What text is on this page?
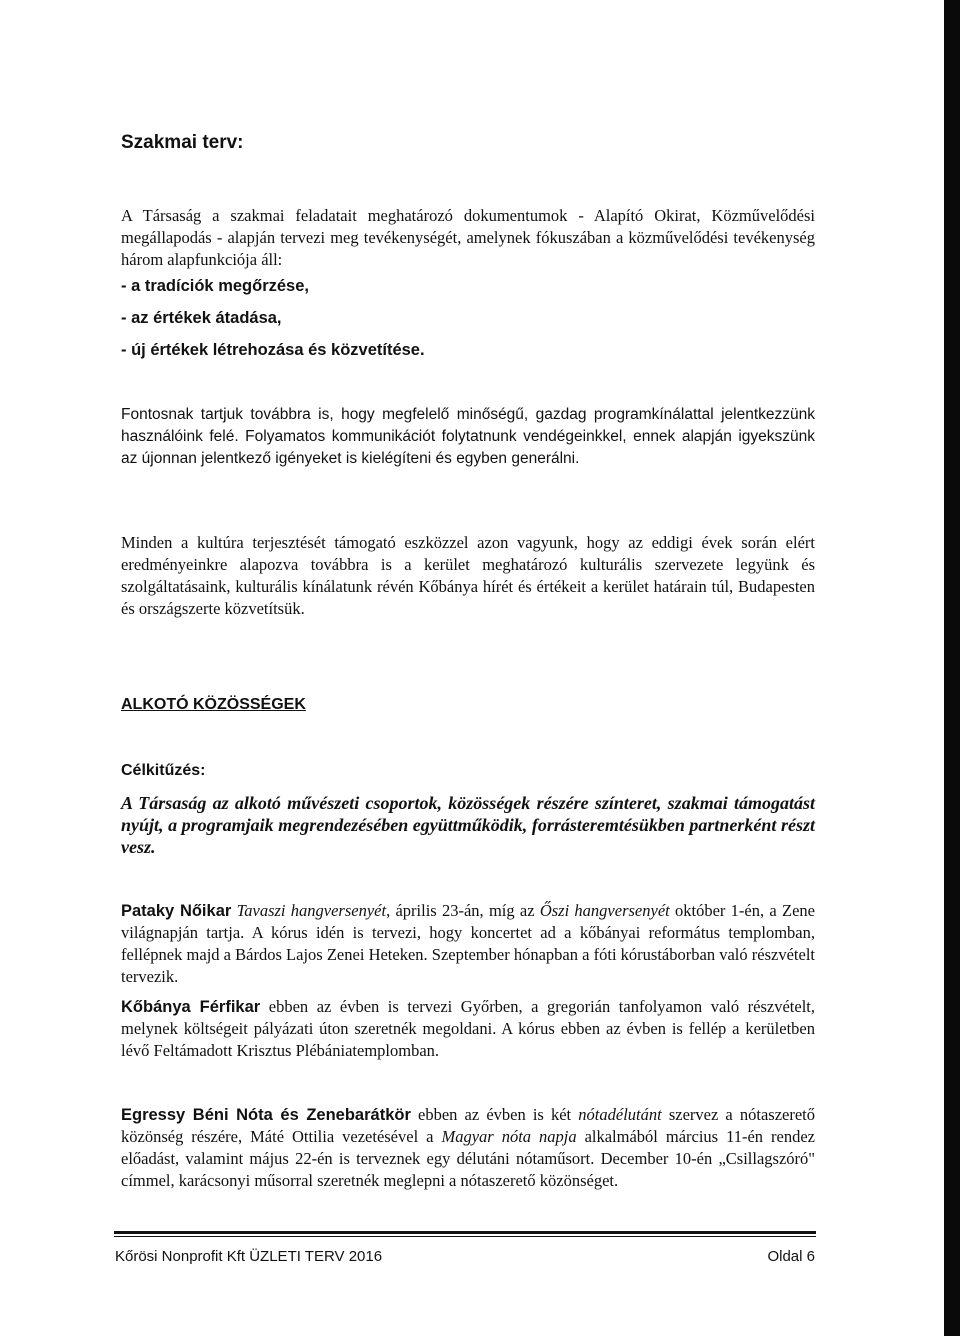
Szakmai terv:
A Társaság a szakmai feladatait meghatározó dokumentumok - Alapító Okirat, Közművelődési megállapodás - alapján tervezi meg tevékenységét, amelynek fókuszában a közművelődési tevékenység három alapfunkciója áll:
- a tradíciók megőrzése,
- az értékek átadása,
- új értékek létrehozása és közvetítése.
Fontosnak tartjuk továbbra is, hogy megfelelő minőségű, gazdag programkínálattal jelentkezzünk használóink felé. Folyamatos kommunikációt folytatnunk vendégeinkkel, ennek alapján igyekszünk az újonnan jelentkező igényeket is kielégíteni és egyben generálni.
Minden a kultúra terjesztését támogató eszközzel azon vagyunk, hogy az eddigi évek során elért eredményeinkre alapozva továbbra is a kerület meghatározó kulturális szervezete legyünk és szolgáltatásaink, kulturális kínálatunk révén Kőbánya hírét és értékeit a kerület határain túl, Budapesten és országszerte közvetítsük.
ALKOTÓ KÖZÖSSÉGEK
Célkitűzés:
A Társaság az alkotó művészeti csoportok, közösségek részére színteret, szakmai támogatást nyújt, a programjaik megrendezésében együttműködik, forrásteremtésükben partnerként részt vesz.
Pataky Nőikar Tavaszi hangversenyét, április 23-án, míg az Őszi hangversenyét október 1-én, a Zene világnapján tartja. A kórus idén is tervezi, hogy koncertet ad a kőbányai református templomban, fellépnek majd a Bárdos Lajos Zenei Heteken. Szeptember hónapban a fóti kórustáborban való részvételt tervezik.
Kőbánya Férfikar ebben az évben is tervezi Győrben, a gregorián tanfolyamon való részvételt, melynek költségeit pályázati úton szeretnék megoldani. A kórus ebben az évben is fellép a kerületben lévő Feltámadott Krisztus Plébániatemplomban.
Egressy Béni Nóta és Zenebarátkör ebben az évben is két nótadélutánt szervez a nótaszerető közönség részére, Máté Ottilia vezetésével a Magyar nóta napja alkalmából március 11-én rendez előadást, valamint május 22-én is terveznek egy délutáni nótaműsort. December 10-én „Csillagszóró" címmel, karácsonyi műsorral szeretnék meglepni a nótaszerető közönséget.
Kőrösi Nonprofit Kft ÜZLETI TERV 2016	Oldal 6
